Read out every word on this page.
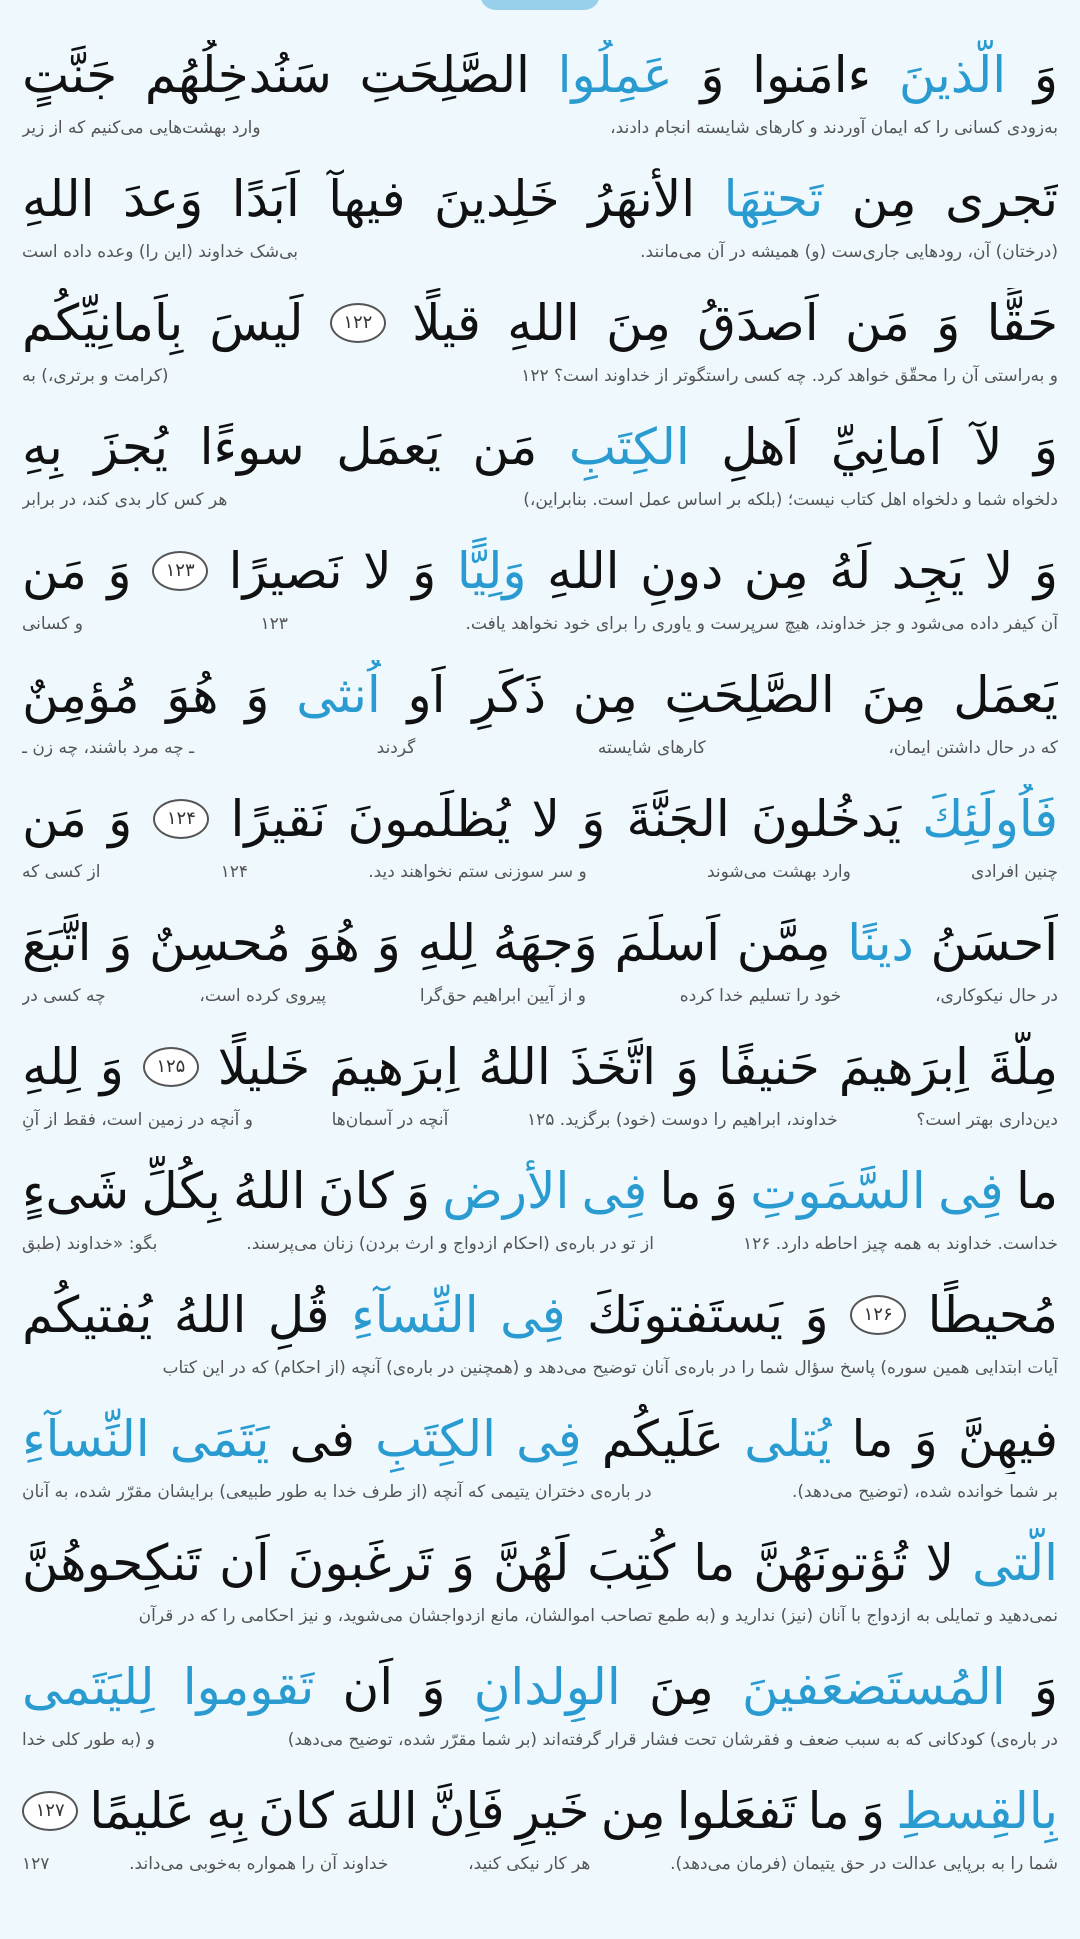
وَ
الَّذينَ
ءامَنوا
وَ
عَمِلُوا
الصَّلِحَتِ
سَنُدخِلُهُم
جَنَّتٍ
به‌زودی کسانی را که ایمان آوردند و کارهای شایسته انجام دادند،
وارد بهشت‌هایی می‌کنیم که از زیر
تَجرى
مِن
تَحتِهَا
الأنهَرُ
خَلِدينَ
فيهآ
اَبَدًا
وَعدَ
اللهِ
(درختان) آن، رودهایی جاری‌ست (و) همیشه در آن می‌مانند.
بی‌شک خداوند (این را) وعده داده است
حَقًّا
وَ
مَن
اَصدَقُ
مِنَ
اللهِ
قيلًا
۱۲۲
لَيسَ
بِاَمانِيِّكُم
و به‌راستی آن را محقّق خواهد کرد. چه کسی راستگوتر از خداوند است؟ ۱۲۲
(کرامت و برتری،) به
وَ
لآ
اَمانِيِّ
اَهلِ
الكِتَبِ
مَن
يَعمَل
سوءًا
يُجزَ
بِهِ
دلخواه شما و دلخواه اهل کتاب نیست؛ (بلکه بر اساس عمل است. بنابراین،)
هر کس کار بدی کند، در برابر
وَ
لا
يَجِد
لَهُ
مِن
دونِ
اللهِ
وَلِيًّا
وَ
لا
نَصيرًا
۱۲۳
وَ
مَن
آن کیفر داده می‌شود و جز خداوند، هیچ سرپرست و یاوری را برای خود نخواهد یافت.
۱۲۳
و کسانی
يَعمَل
مِنَ
الصَّلِحَتِ
مِن
ذَكَرٍ
اَو
اُنثى
وَ
هُوَ
مُؤمِنٌ
که در حال داشتن ایمان،
کارهای شایسته
گردند
ـ چه مرد باشند، چه زن ـ
فَاُولَئِكَ
يَدخُلونَ
الجَنَّةَ
وَ
لا
يُظلَمونَ
نَقيرًا
۱۲۴
وَ
مَن
چنین افرادی
وارد بهشت می‌شوند
و سر سوزنی ستم نخواهند دید.
۱۲۴
از کسی که
اَحسَنُ
دينًا
مِمَّن
اَسلَمَ
وَجهَهُ
لِلهِ
وَ
هُوَ
مُحسِنٌ
وَ
اتَّبَعَ
در حال نیکوکاری،
خود را تسلیم خدا کرده
و از آیین ابراهیم حق‌گرا
پیروی کرده است،
چه کسی در
مِلَّةَ
اِبرَهيمَ
حَنيفًا
وَ
اتَّخَذَ
اللهُ
اِبرَهيمَ
خَليلًا
۱۲۵
وَ
لِلهِ
دین‌داری بهتر است؟
خداوند، ابراهیم را دوست (خود) برگزید. ۱۲۵
آنچه در آسمان‌ها
و آنچه در زمین است، فقط از آنِ
ما
فِى
السَّمَوتِ
وَ
ما
فِى
الأرضِ
وَ
كانَ
اللهُ
بِكُلِّ
شَىءٍ
خداست. خداوند به همه چیز احاطه دارد. ۱۲۶
از تو در باره‌ی (احکام ازدواج و ارث بردن) زنان می‌پرسند.
بگو: «خداوند (طبق
مُحيطًا
۱۲۶
وَ
يَستَفتونَكَ
فِى
النِّسآءِ
قُلِ
اللهُ
يُفتيكُم
آیات ابتدایی همین سوره) پاسخ سؤال شما را در باره‌ی آنان توضیح می‌دهد و (همچنین در باره‌ی) آنچه (از احکام) که در این کتاب
فيهِنَّ
وَ
ما
يُتلى
عَلَيكُم
فِى
الكِتَبِ
فى
يَتَمَى
النِّسآءِ
بر شما خوانده شده، (توضیح می‌دهد).
در باره‌ی دختران یتیمی که آنچه (از طرف خدا به طور طبیعی) برایشان مقرّر شده، به آنان
الَّتى
لا
تُؤتونَهُنَّ
ما
كُتِبَ
لَهُنَّ
وَ
تَرغَبونَ
اَن
تَنكِحوهُنَّ
نمی‌دهید و تمایلی به ازدواج با آنان (نیز) ندارید و (به طمع تصاحب اموالشان، مانع ازدواجشان می‌شوید، و نیز احکامی را که در قرآن
وَ
المُستَضعَفينَ
مِنَ
الوِلدانِ
وَ
اَن
تَقوموا
لِليَتَمى
در باره‌ی) کودکانی که به سبب ضعف و فقرشان تحت فشار قرار گرفته‌اند (بر شما مقرّر شده، توضیح می‌دهد)
و (به طور کلی خدا
بِالقِسطِ
وَ
ما
تَفعَلوا
مِن
خَيرٍ
فَاِنَّ
اللهَ
كانَ
بِهِ
عَليمًا
۱۲۷
شما را به برپایی عدالت در حق یتیمان (فرمان می‌دهد).
هر کار نیکی کنید،
خداوند آن را همواره به‌خوبی می‌داند.
۱۲۷
